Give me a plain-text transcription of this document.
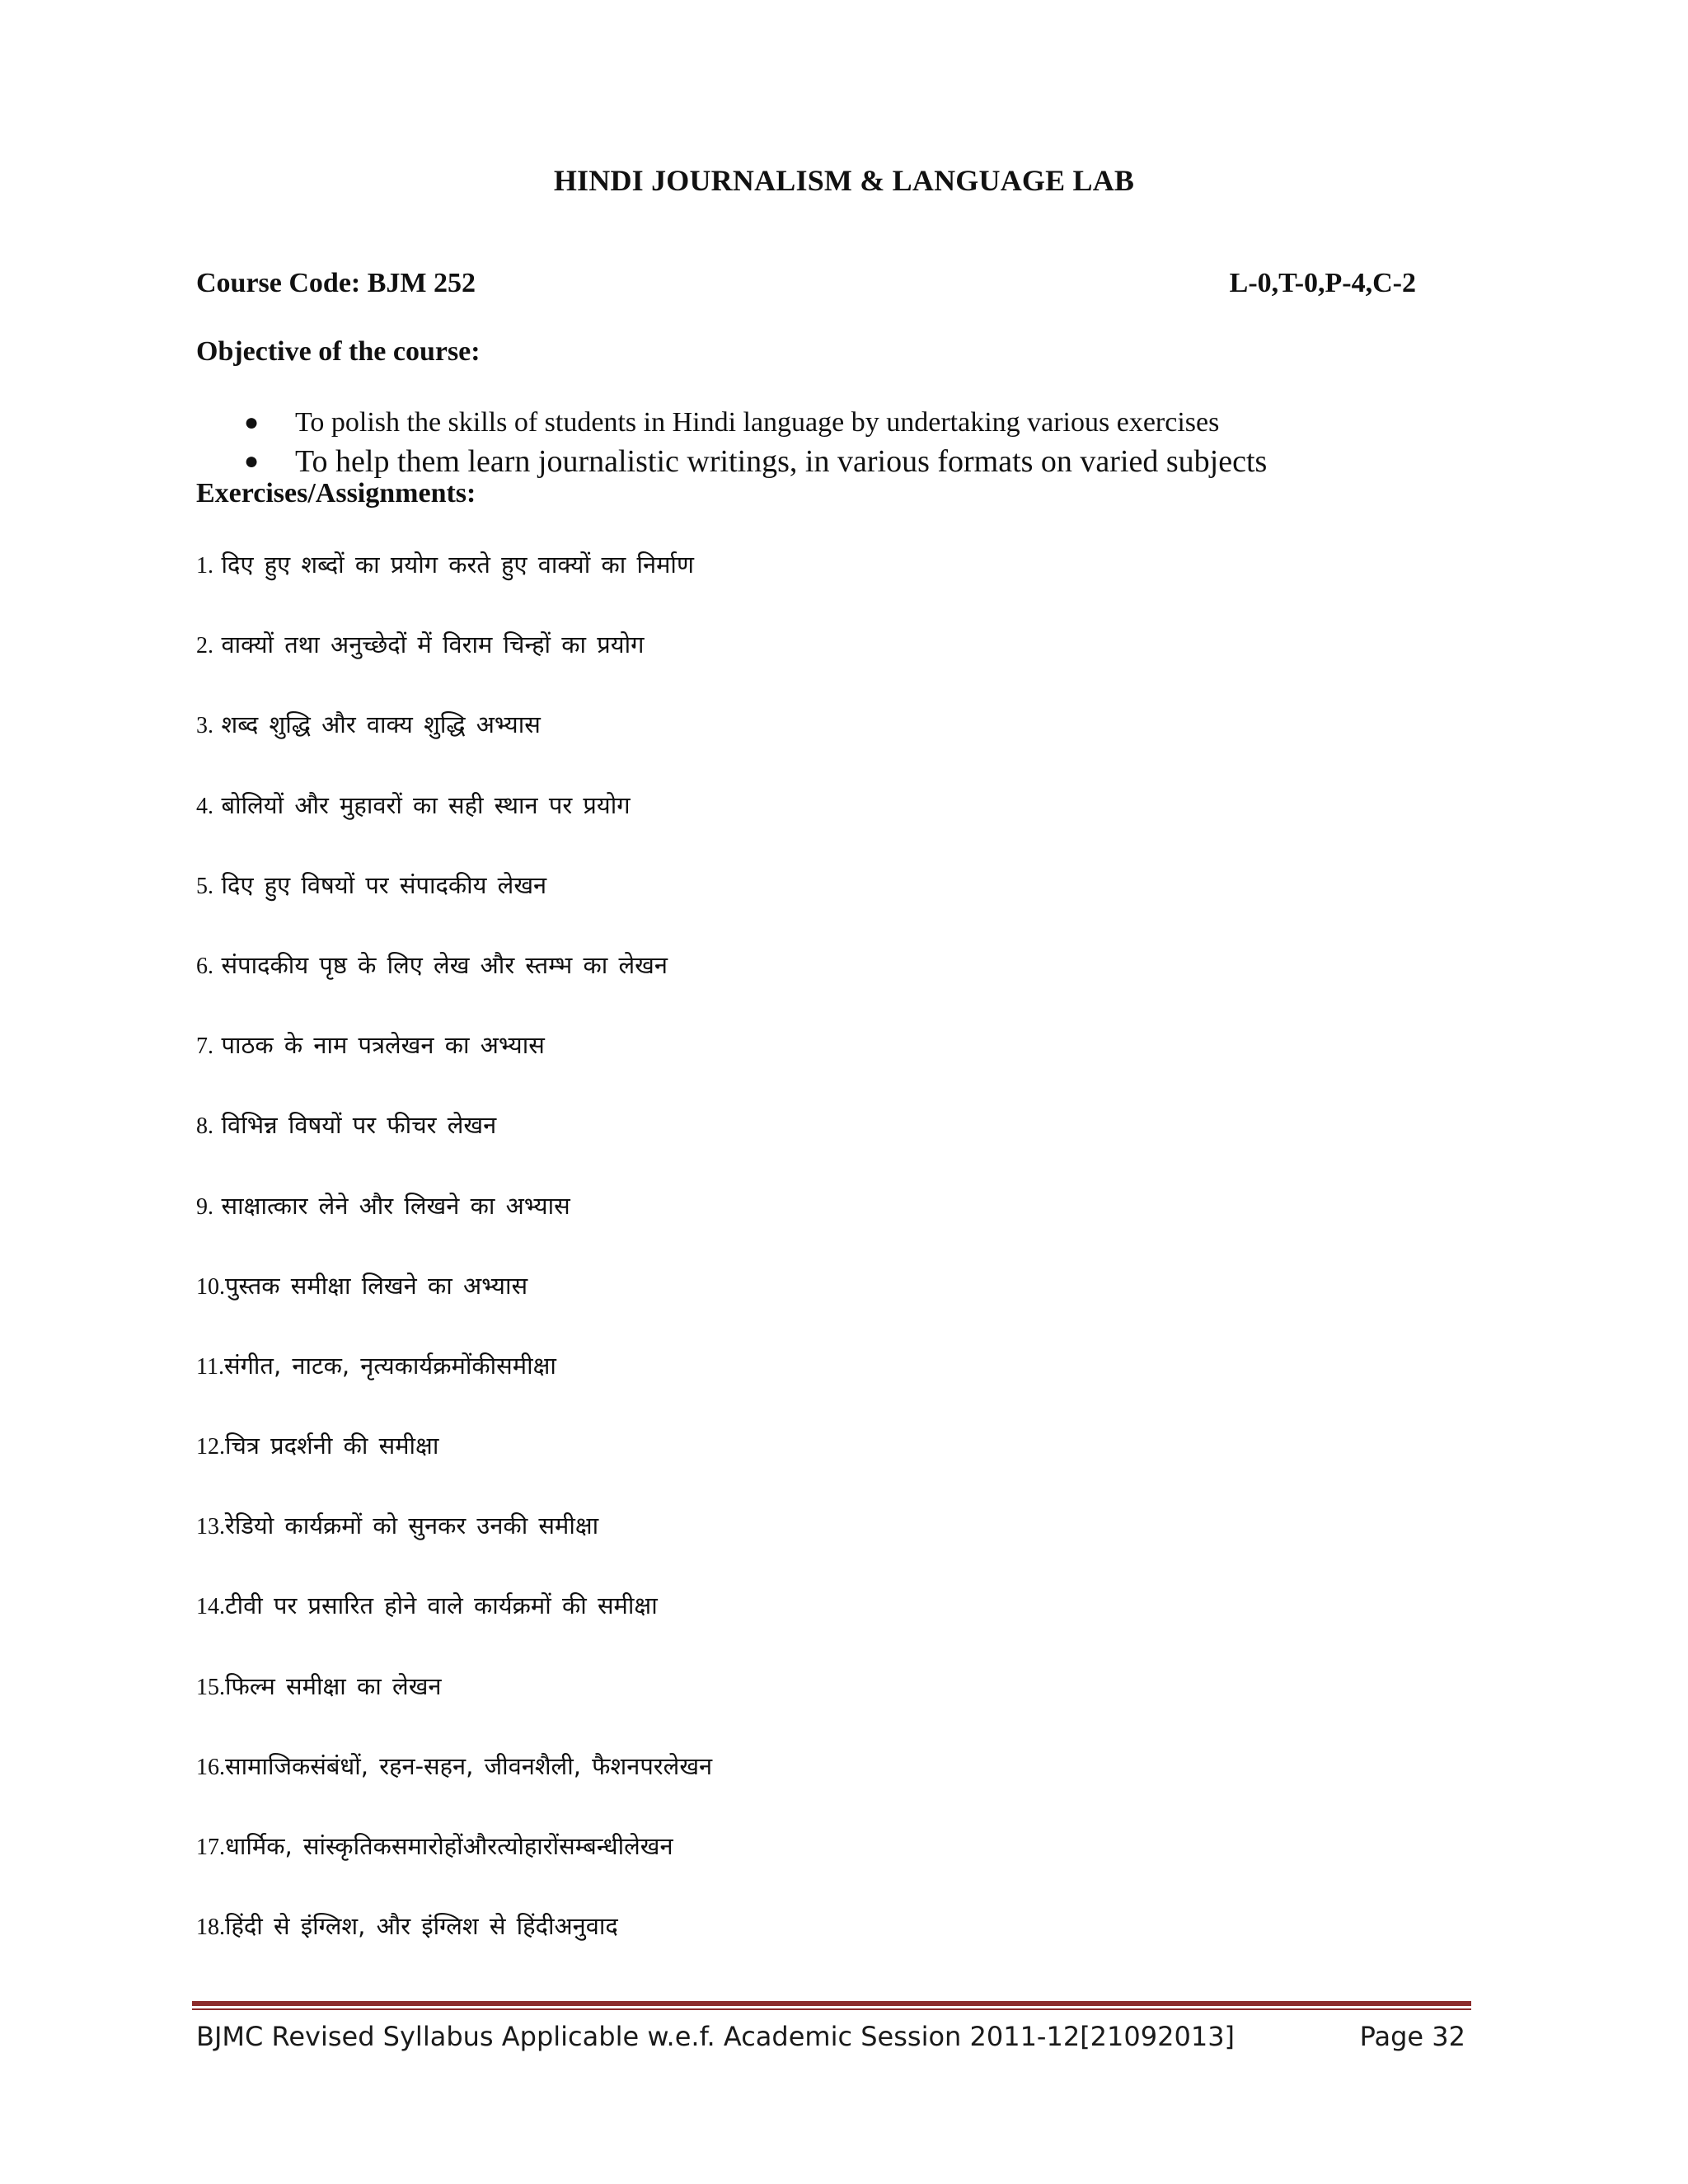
HINDI JOURNALISM & LANGUAGE LAB
Course Code: BJM 252	L-0,T-0,P-4,C-2
Objective of the course:
● To polish the skills of students in Hindi language by undertaking various exercises
● To help them learn journalistic writings, in various formats on varied subjects
Exercises/Assignments:
1. दिए हुए शब्दों का प्रयोग करते हुए वाक्यों का निर्माण
2. वाक्यों तथा अनुच्छेदों में विराम चिन्हों का प्रयोग
3. शब्द शुद्धि और वाक्य शुद्धि अभ्यास
4. बोलियों और मुहावरों का सही स्थान पर प्रयोग
5. दिए हुए विषयों पर संपादकीय लेखन
6. संपादकीय पृष्ठ के लिए लेख और स्तम्भ का लेखन
7. पाठक के नाम पत्रलेखन का अभ्यास
8. विभिन्न विषयों पर फीचर लेखन
9. साक्षात्कार लेने और लिखने का अभ्यास
10.पुस्तक समीक्षा लिखने का अभ्यास
11.संगीत, नाटक, नृत्यकार्यक्रमोंकीसमीक्षा
12.चित्र प्रदर्शनी की समीक्षा
13.रेडियो कार्यक्रमों को सुनकर उनकी समीक्षा
14.टीवी पर प्रसारित होने वाले कार्यक्रमों की समीक्षा
15.फिल्म समीक्षा का लेखन
16.सामाजिकसंबंधों, रहन-सहन, जीवनशैली, फैशनपरलेखन
17.धार्मिक, सांस्कृतिकसमारोहोंऔरत्योहारोंसम्बन्धीलेखन
18.हिंदी से इंग्लिश, और इंग्लिश से हिंदीअनुवाद
BJMC Revised Syllabus Applicable w.e.f. Academic Session 2011-12[21092013]	Page 32
